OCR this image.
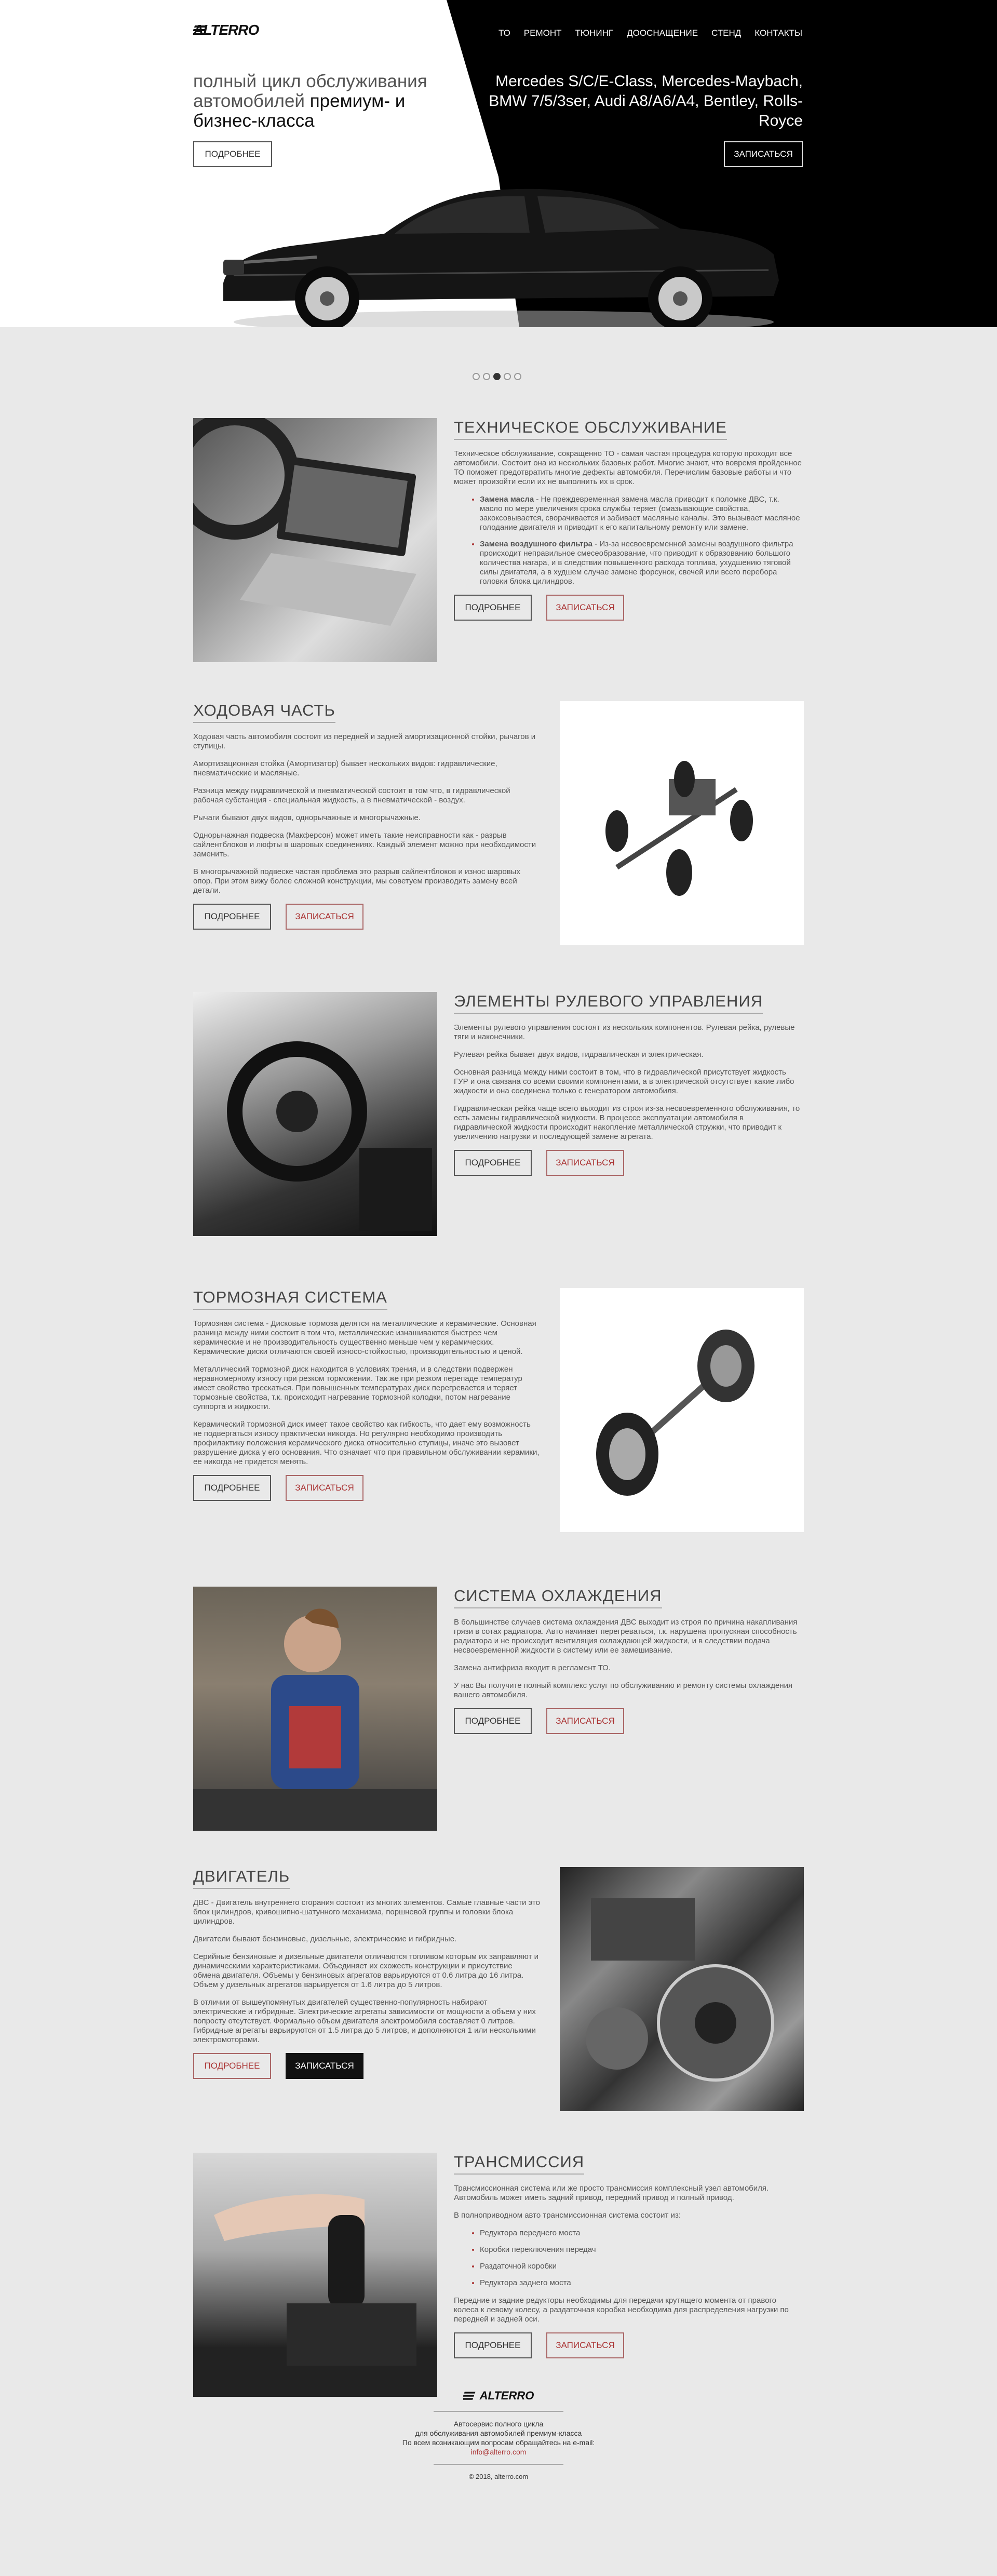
ALTERRO	ТО РЕМОНТ ТЮНИНГ ДООСНАЩЕНИЕ СТЕНД КОНТАКТЫ
полный цикл обслуживания автомобилей премиум- и бизнес-класса
Mercedes S/C/E-Class, Mercedes-Maybach, BMW 7/5/3ser, Audi A8/A6/A4, Bentley, Rolls-Royce
ПОДРОБНЕЕ	ЗАПИСАТЬСЯ
ТЕХНИЧЕСКОЕ ОБСЛУЖИВАНИЕ

Техническое обслуживание, сокращенно ТО - самая частая процедура которую проходит все автомобили. Состоит она из нескольких базовых работ. Многие знают, что вовремя пройденное ТО поможет предотвратить многие дефекты автомобиля. Перечислим базовые работы и что может произойти если их не выполнить их в срок.

• Замена масла - Не преждевременная замена масла приводит к поломке ДВС, т.к. масло по мере увеличения срока службы теряет (смазывающие свойства, закоксовывается, сворачивается и забивает масляные каналы. Это вызывает масляное голодание двигателя и приводит к его капитальному ремонту или замене.
• Замена воздушного фильтра - Из-за несвоевременной замены воздушного фильтра происходит неправильное смесеобразование, что приводит к образованию большого количества нагара, и в следствии повышенного расхода топлива, ухудшению тяговой силы двигателя, а в худшем случае замене форсунок, свечей или всего перебора головки блока цилиндров.
ПОДРОБНЕЕ	ЗАПИСАТЬСЯ
ХОДОВАЯ ЧАСТЬ

Ходовая часть автомобиля состоит из передней и задней амортизационной стойки, рычагов и ступицы.

Амортизационная стойка (Амортизатор) бывает нескольких видов: гидравлические, пневматические и масляные.

Разница между гидравлической и пневматической состоит в том что, в гидравлической рабочая субстанция - специальная жидкость, а в пневматической - воздух.

Рычаги бывают двух видов, однорычажные и многорычажные.

Однорычажная подвеска (Макферсон) может иметь такие неисправности как - разрыв сайлентблоков и люфты в шаровых соединениях. Каждый элемент можно при необходимости заменить.

В многорычажной подвеске частая проблема это разрыв сайлентблоков и износ шаровых опор. При этом вижу более сложной конструкции, мы советуем производить замену всей детали.

ПОДРОБНЕЕ	ЗАПИСАТЬСЯ
ЭЛЕМЕНТЫ РУЛЕВОГО УПРАВЛЕНИЯ

Элементы рулевого управления состоят из нескольких компонентов. Рулевая рейка, рулевые тяги и наконечники.

Рулевая рейка бывает двух видов, гидравлическая и электрическая.

Основная разница между ними состоит в том, что в гидравлической присутствует жидкость ГУР и она связана со всеми своими компонентами, а в электрической отсутствует какие либо жидкости и она соединена только с генератором автомобиля.

Гидравлическая рейка чаще всего выходит из строя из-за несвоевременного обслуживания, то есть замены гидравлической жидкости. В процессе эксплуатации автомобиля в гидравлической жидкости происходит накопление металлической стружки, что приводит к увеличению нагрузки и последующей замене агрегата.

ПОДРОБНЕЕ	ЗАПИСАТЬСЯ
ТОРМОЗНАЯ СИСТЕМА

Тормозная система - Дисковые тормоза делятся на металлические и керамические. Основная разница между ними состоит в том что, металлические изнашиваются быстрее чем керамические и не производительность существенно меньше чем у керамических. Керамические диски отличаются своей износо-стойкостью, производительностью и ценой.

Металлический тормозной диск находится в условиях трения, и в следствии подвержен неравномерному износу при резком торможении. Так же при резком перепаде температур имеет свойство трескаться. При повышенных температурах диск перегревается и теряет тормозные свойства, т.к. происходит нагревание тормозной колодки, потом нагревание суппорта и жидкости.

Керамический тормозной диск имеет такое свойство как гибкость, что дает ему возможность не подвергаться износу практически никогда. Но регулярно необходимо производить профилактику положения керамического диска относительно ступицы, иначе это вызовет разрушение диска у его основания. Что означает что при правильном обслуживании керамики, ее никогда не придется менять.

ПОДРОБНЕЕ	ЗАПИСАТЬСЯ
СИСТЕМА ОХЛАЖДЕНИЯ

В большинстве случаев система охлаждения ДВС выходит из строя по причина накапливания грязи в сотах радиатора. Авто начинает перегреваться, т.к. нарушена пропускная способность радиатора и не происходит вентиляция охлаждающей жидкости, и в следствии подача несвоевременной жидкости в систему или ее замешивание.

Замена антифриза входит в регламент ТО.

У нас Вы получите полный комплекс услуг по обслуживанию и ремонту системы охлаждения вашего автомобиля.

ПОДРОБНЕЕ	ЗАПИСАТЬСЯ
ДВИГАТЕЛЬ

ДВС - Двигатель внутреннего сгорания состоит из многих элементов. Самые главные части это блок цилиндров, кривошипно-шатунного механизма, поршневой группы и головки блока цилиндров.

Двигатели бывают бензиновые, дизельные, электрические и гибридные.

Серийные бензиновые и дизельные двигатели отличаются топливом которым их заправляют и динамическими характеристиками. Объединяет их схожесть конструкции и присутствие обмена двигателя. Объемы у бензиновых агрегатов варьируются от 0.6 литра до 16 литра. Объем у дизельных агрегатов варьируется от 1.6 литра до 5 литров.

В отличии от вышеупомянутых двигателей существенно-популярность набирают электрические и гибридные. Электрические агрегаты зависимости от мощности а объем у них попросту отсутствует. Формально объем двигателя электромобиля составляет 0 литров. Гибридные агрегаты варьируются от 1.5 литра до 5 литров, и дополняются 1 или несколькими электромоторами.

ПОДРОБНЕЕ	ЗАПИСАТЬСЯ
ТРАНСМИССИЯ

Трансмиссионная система или же просто трансмиссия комплексный узел автомобиля. Автомобиль может иметь задний привод, передний привод и полный привод.

В полноприводном авто трансмиссионная система состоит из:

• Редуктора переднего моста
• Коробки переключения передач
• Раздаточной коробки
• Редуктора заднего моста

Передние и задние редукторы необходимы для передачи крутящего момента от правого колеса к левому колесу, а раздаточная коробка необходима для распределения нагрузки по передней и задней оси.

ПОДРОБНЕЕ	ЗАПИСАТЬСЯ
ALTERRO

Автосервис полного цикла

для обслуживания автомобилей премиум-класса

По всем возникающим вопросам обращайтесь на e-mail:

info@alterro.com

© 2018, alterro.com
